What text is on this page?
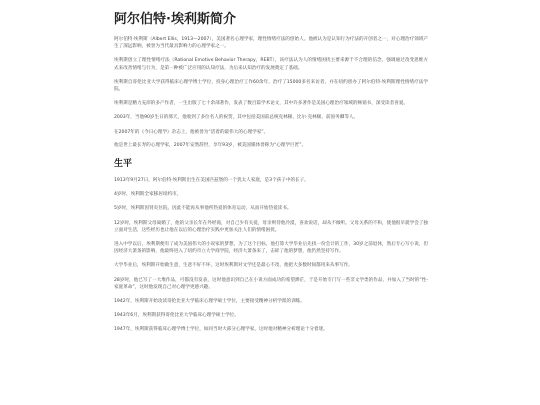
阿尔伯特·埃利斯简介

阿尔伯特·埃利斯（Albert Ellis，1913—2007），美国著名心理学家，理性情绪疗法的创始人。他被认为是认知行为疗法的开创者之一，对心理治疗领域产生了深远影响，被誉为当代最具影响力的心理学家之一。

埃利斯创立了理性情绪疗法（Rational Emotive Behavior Therapy，REBT），该疗法认为人的情绪困扰主要来源于不合理的信念，强调通过改变思维方式来改善情绪与行为，是第一种被广泛应用的认知疗法，为后来认知治疗的发展奠定了基础。

埃利斯自哥伦比亚大学获得临床心理学博士学位，投身心理治疗工作60余年，治疗了15000多名来访者，并在纽约创办了阿尔伯特·埃利斯理性情绪疗法学院。

埃利斯是精力充沛的多产作者，一生出版了七十余部著作，发表了数百篇学术论文，其中许多著作是美国心理治疗领域的畅销书，深受读者喜爱。

2003年，当他90岁生日的那天，他收到了多位名人的祝贺，其中包括美国前总统克林顿、比尔·克林顿，前国务卿等人。

在2007年的《今日心理学》杂志上，他被誉为“活着的最伟大的心理学家”。

他是世上最长寿的心理学家，2007年安然辞世，享年93岁，被美国媒体誉称为“心理学巨匠”。

生平

1913年9月27日，阿尔伯特·埃利斯出生在美国匹兹堡的一个犹太人家庭，是3个孩子中的长子。

4岁时，埃利斯全家移居纽约市。

5岁时，埃利斯因肾炎住院，因此不能再从事他所热爱的体育运动，从而开始热爱读书。

12岁时，埃利斯父母离婚了，他的父亲长年在外经商，对自己少有关爱，母亲则待他冷漠，喜欢说话，却从不倾听。父母关系的不和，使他很早就学会了独立面对生活，这些经历也让他在以后的心理治疗实践中更加关注人们的情绪困扰。

进入中学以后，埃利斯便有了成为美国伟大的小说家的梦想，为了这个目标，他打算大学毕业后先找一份会计的工作，30岁之前退休，然后专心写小说，但因经济大萧条的影响，他最终进入了纽约市立大学商学院，经济大萧条来了，击碎了他的梦想，他仍然坚持写作。

大学毕业后，埃利斯开始做生意，生意不好不坏，这时埃利斯对文学还是最心不改，他把大多数时间都用来从事写作。

28岁时，他已写了一大堆作品，可都没有发表，这时他意识到自己在小说方面成功的希望渺茫，于是开始专门写一些非文学类的作品，并加入了当时的“性-家庭革命”，这时他发现自己对心理学更感兴趣。

1942年，埃利斯开始攻读哥伦比亚大学临床心理学硕士学位，主要接受精神分析学派的训练。

1943年6月，埃利斯获得哥伦比亚大学临床心理学硕士学位。

1947年，埃利斯获得临床心理学博士学位，如同当时大部分心理学家，这时他对精神分析理论十分着迷。
